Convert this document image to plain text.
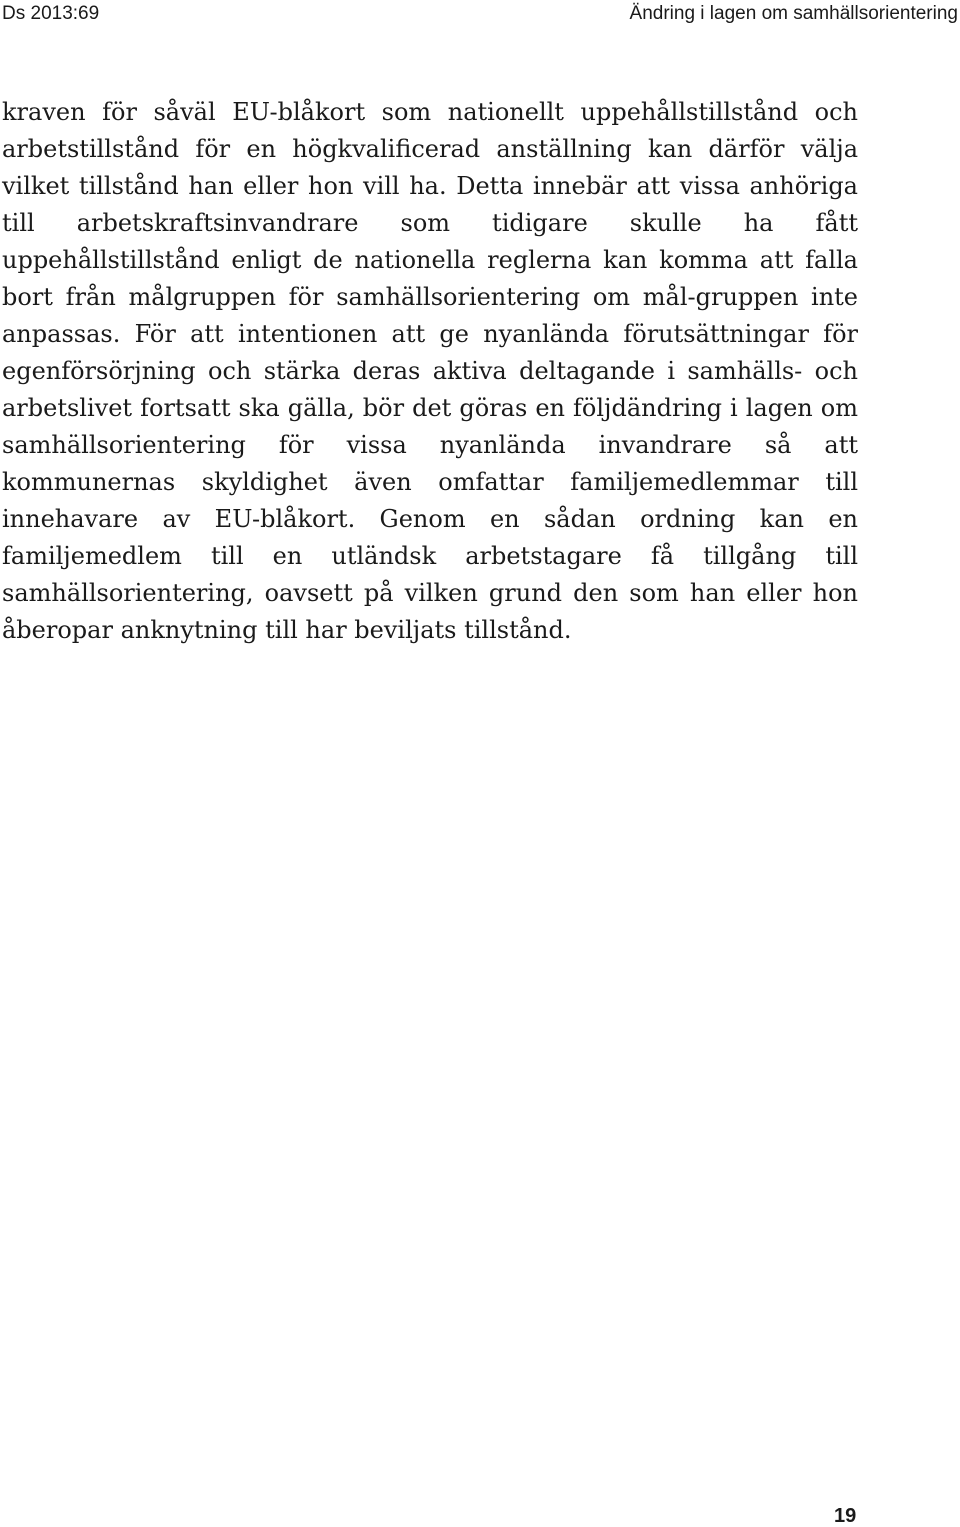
Ds 2013:69	Ändring i lagen om samhällsorientering

kraven för såväl EU-blåkort som nationellt uppehållstillstånd och arbetstillstånd för en högkvalificerad anställning kan därför välja vilket tillstånd han eller hon vill ha. Detta innebär att vissa anhöriga till arbetskraftsinvandrare som tidigare skulle ha fått uppehållstillstånd enligt de nationella reglerna kan komma att falla bort från målgruppen för samhällsorientering om mål-gruppen inte anpassas. För att intentionen att ge nyanlända förutsättningar för egenförsörjning och stärka deras aktiva deltagande i samhälls- och arbetslivet fortsatt ska gälla, bör det göras en följdändring i lagen om samhällsorientering för vissa nyanlända invandrare så att kommunernas skyldighet även omfattar familjemedlemmar till innehavare av EU-blåkort. Genom en sådan ordning kan en familjemedlem till en utländsk arbetstagare få tillgång till samhällsorientering, oavsett på vilken grund den som han eller hon åberopar anknytning till har beviljats tillstånd.

19
